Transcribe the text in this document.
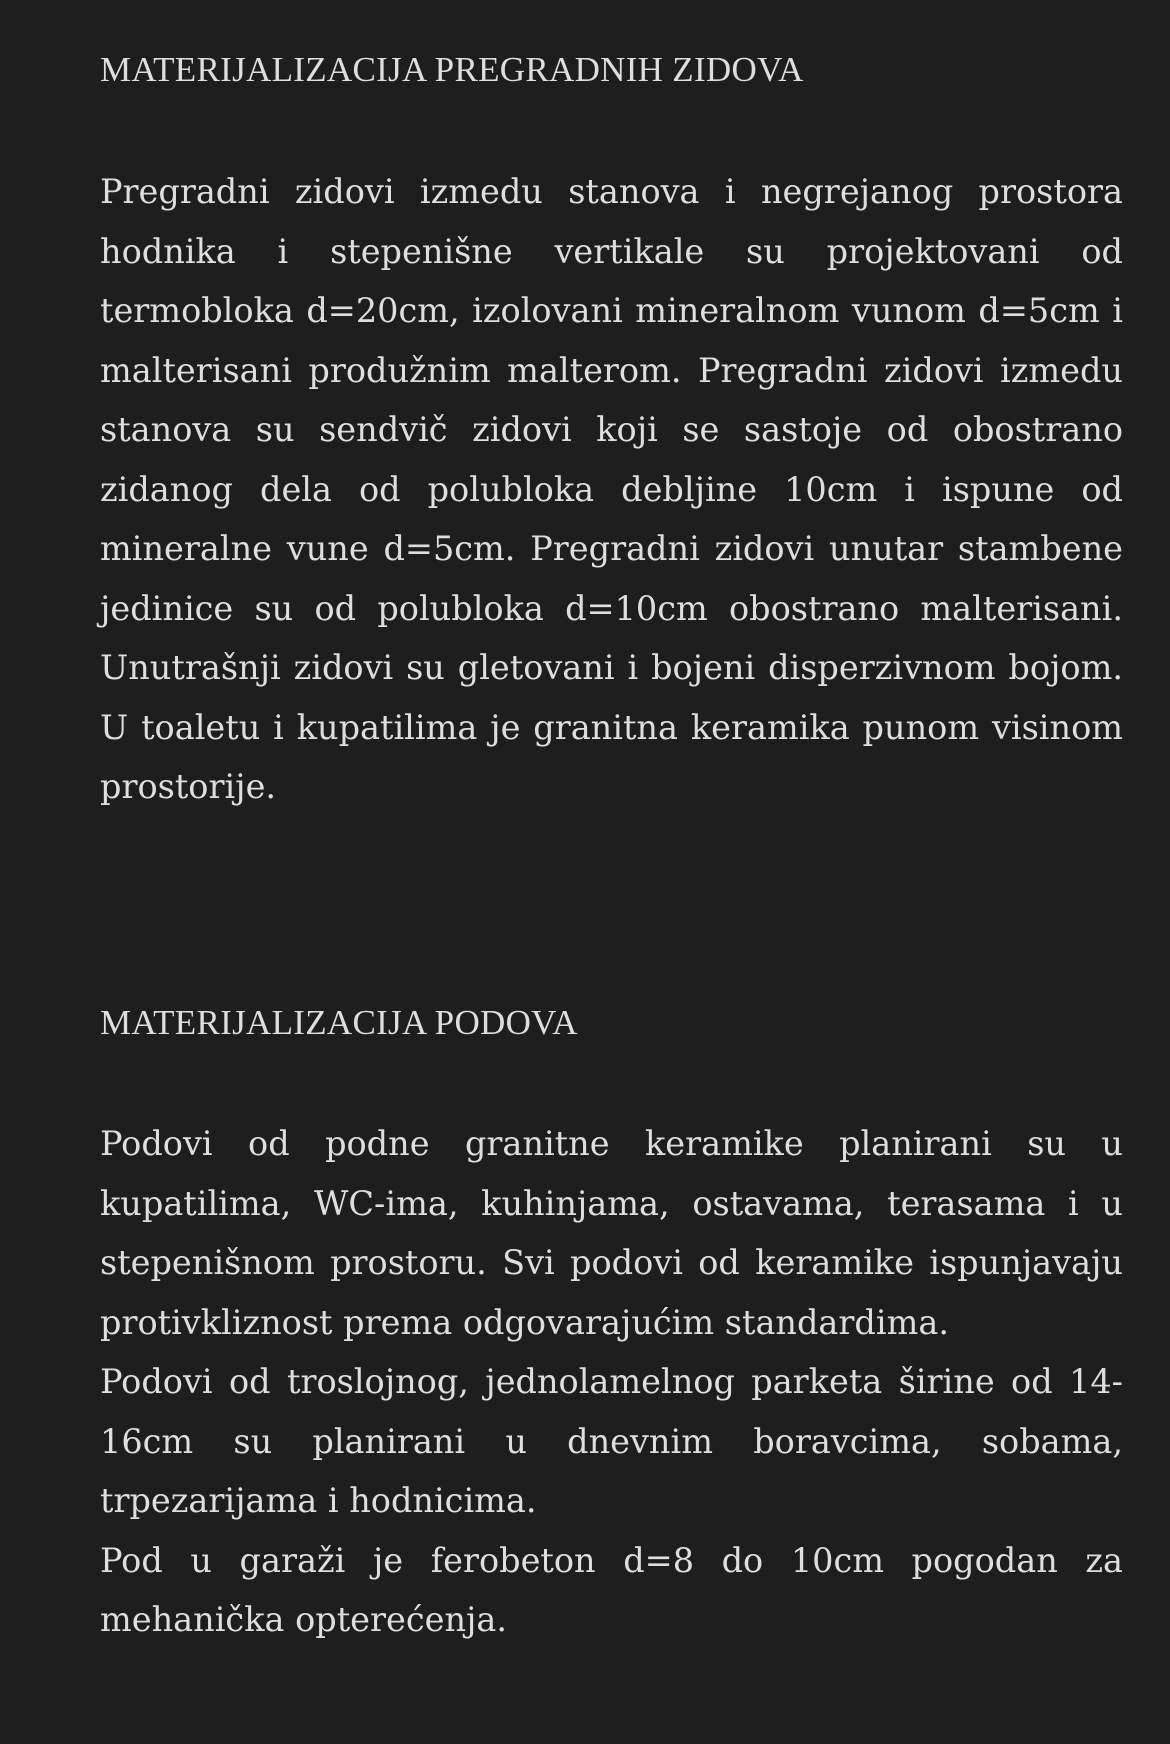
MATERIJALIZACIJA PREGRADNIH ZIDOVA

Pregradni zidovi izmedu stanova i negrejanog prostora hodnika i stepenišne vertikale su projektovani od termobloka d=20cm, izolovani mineralnom vunom d=5cm i malterisani produžnim malterom. Pregradni zidovi izmedu stanova su sendvič zidovi koji se sastoje od obostrano zidanog dela od polubloka debljine 10cm i ispune od mineralne vune d=5cm. Pregradni zidovi unutar stambene jedinice su od polubloka d=10cm obostrano malterisani. Unutrašnji zidovi su gletovani i bojeni disperzivnom bojom. U toaletu i kupatilima je granitna keramika punom visinom prostorije.

MATERIJALIZACIJA PODOVA
Podovi od podne granitne keramike planirani su u kupatilima, WC-ima, kuhinjama, ostavama, terasama i u stepenišnom prostoru. Svi podovi od keramike ispunjavaju protivkliznost prema odgovarajućim standardima.
Podovi od troslojnog, jednolamelnog parketa širine od 14-16cm su planirani u dnevnim boravcima, sobama, trpezarijama i hodnicima.
Pod u garaži je ferobeton d=8 do 10cm pogodan za mehanička opterećenja.
